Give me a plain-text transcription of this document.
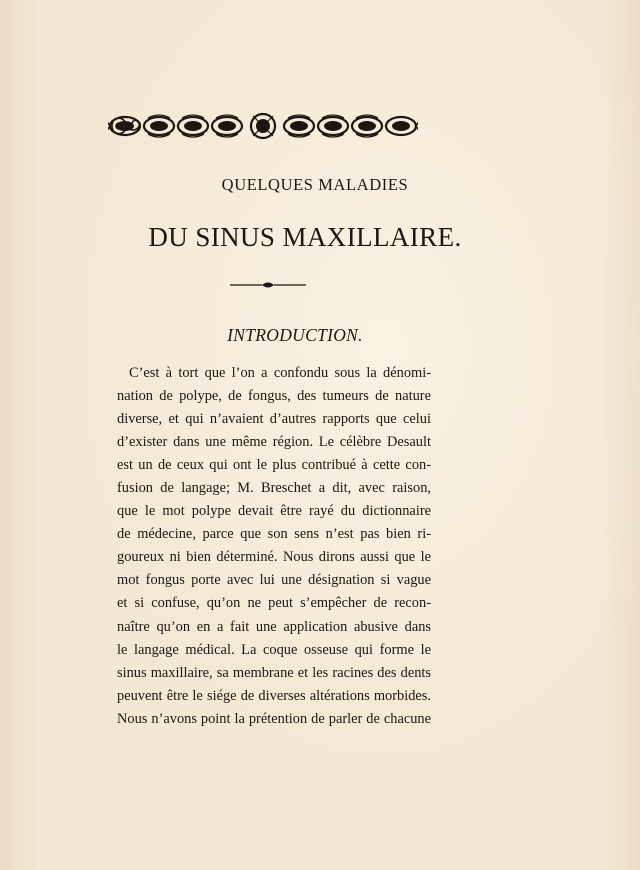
QUELQUES MALADIES
DU SINUS MAXILLAIRE.
INTRODUCTION.
C’est à tort que l’on a confondu sous la dénomi-
nation de polype, de fongus, des tumeurs de nature
diverse, et qui n’avaient d’autres rapports que celui
d’exister dans une même région. Le célèbre Desault
est un de ceux qui ont le plus contribué à cette con-
fusion de langage; M. Breschet a dit, avec raison,
que le mot polype devait être rayé du dictionnaire
de médecine, parce que son sens n’est pas bien ri-
goureux ni bien déterminé. Nous dirons aussi que le
mot fongus porte avec lui une désignation si vague
et si confuse, qu’on ne peut s’empêcher de recon-
naître qu’on en a fait une application abusive dans
le langage médical. La coque osseuse qui forme le
sinus maxillaire, sa membrane et les racines des dents
peuvent être le siége de diverses altérations morbides.
Nous n’avons point la prétention de parler de chacune
